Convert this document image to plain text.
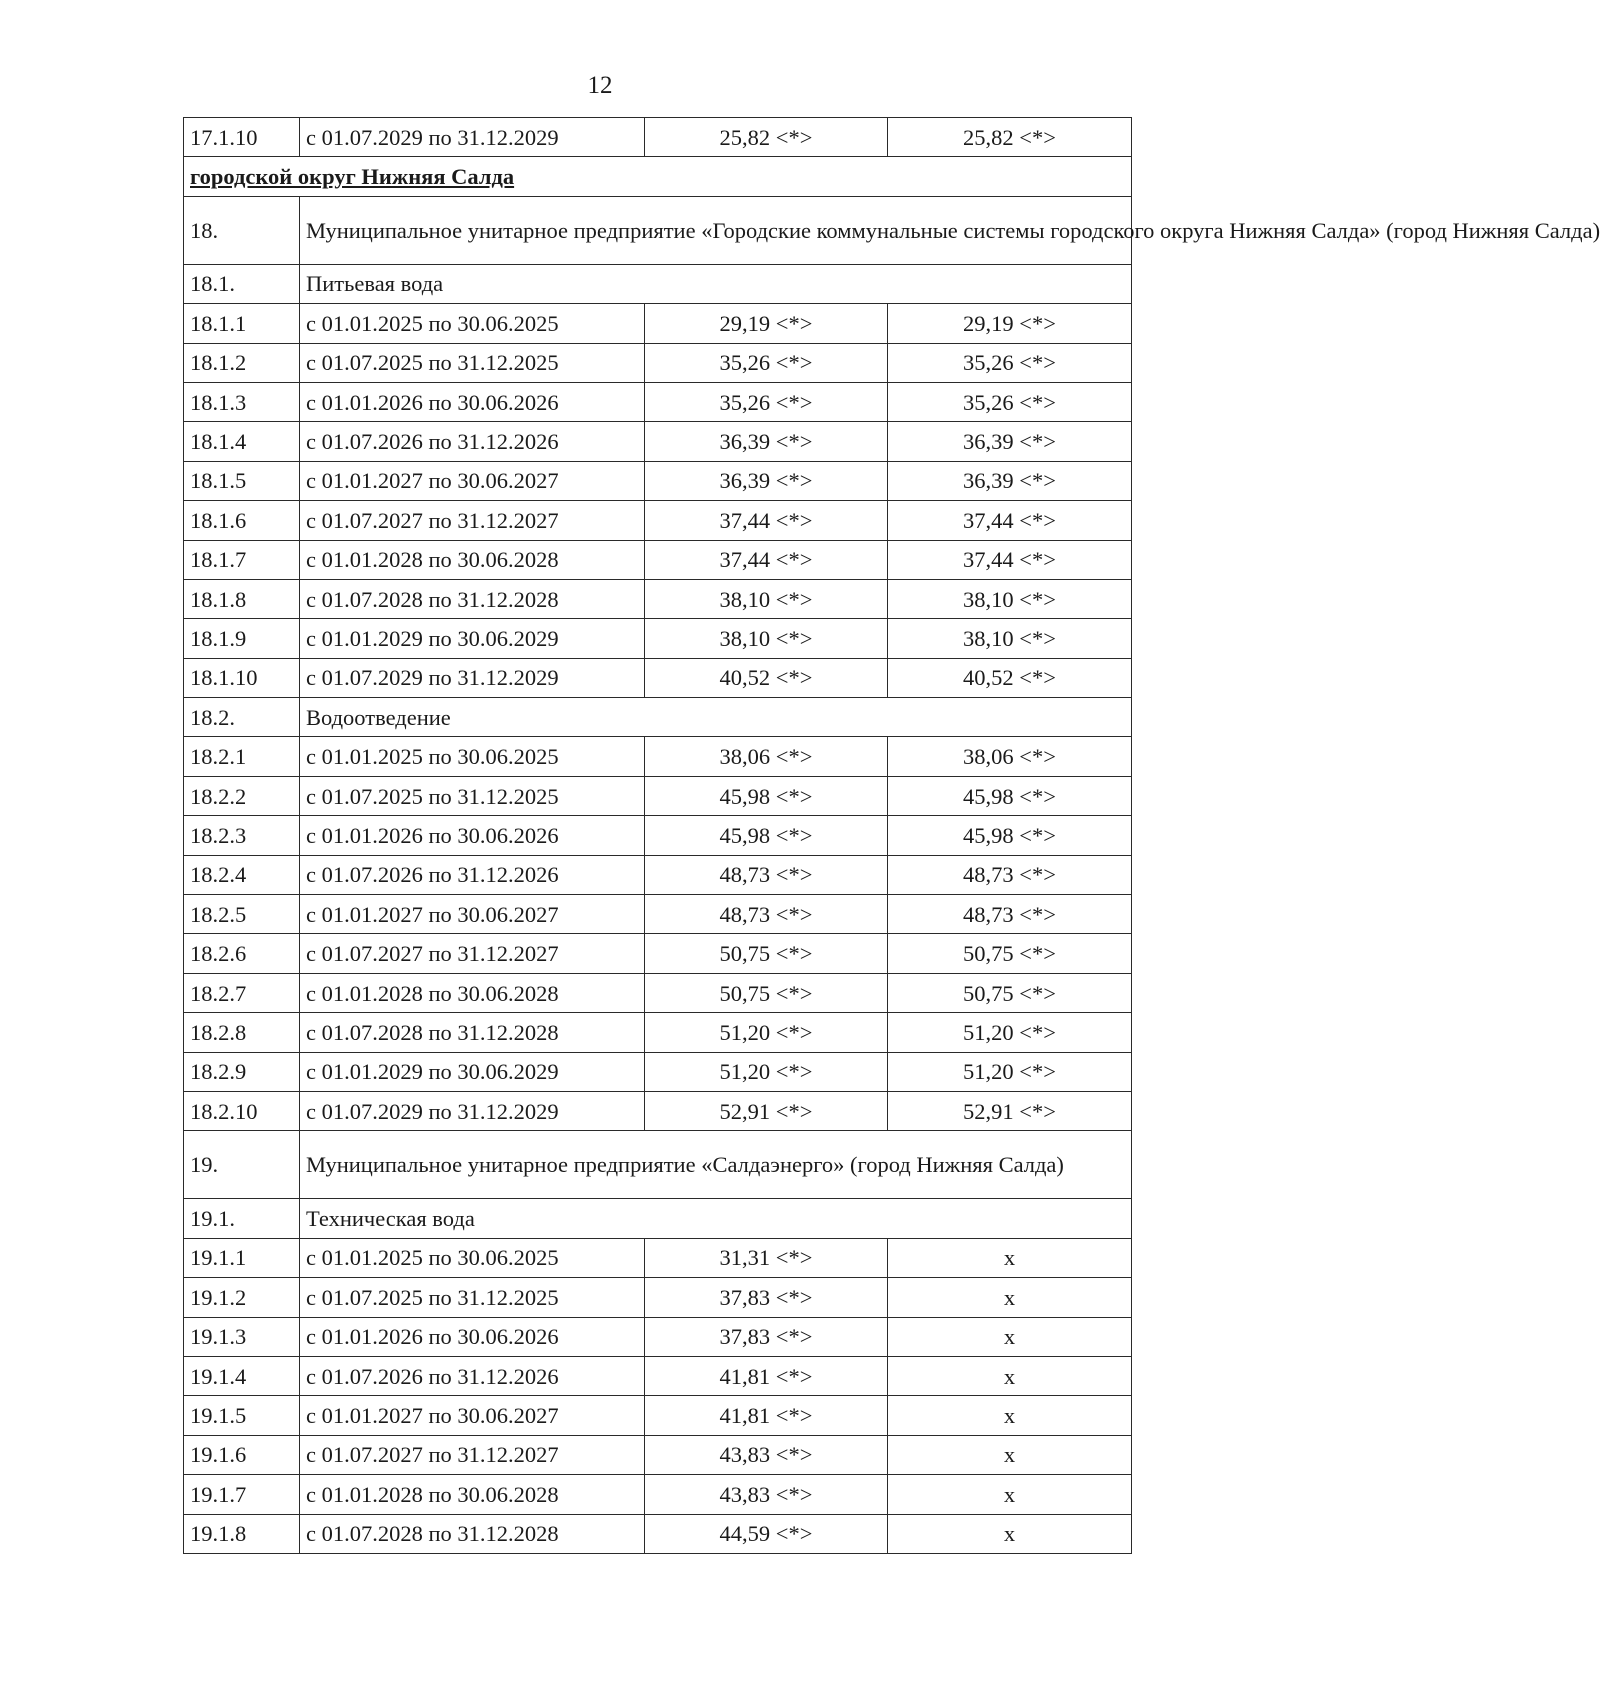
12
17.1.10	с 01.07.2029 по 31.12.2029	25,82 <*>	25,82 <*>
городской округ Нижняя Салда			
18.	Муниципальное унитарное предприятие «Городские коммунальные системы городского округа Нижняя Салда» (город Нижняя Салда)		
18.1.	Питьевая вода		
18.1.1	с 01.01.2025 по 30.06.2025	29,19 <*>	29,19 <*>
18.1.2	с 01.07.2025 по 31.12.2025	35,26 <*>	35,26 <*>
18.1.3	с 01.01.2026 по 30.06.2026	35,26 <*>	35,26 <*>
18.1.4	с 01.07.2026 по 31.12.2026	36,39 <*>	36,39 <*>
18.1.5	с 01.01.2027 по 30.06.2027	36,39 <*>	36,39 <*>
18.1.6	с 01.07.2027 по 31.12.2027	37,44 <*>	37,44 <*>
18.1.7	с 01.01.2028 по 30.06.2028	37,44 <*>	37,44 <*>
18.1.8	с 01.07.2028 по 31.12.2028	38,10 <*>	38,10 <*>
18.1.9	с 01.01.2029 по 30.06.2029	38,10 <*>	38,10 <*>
18.1.10	с 01.07.2029 по 31.12.2029	40,52 <*>	40,52 <*>
18.2.	Водоотведение		
18.2.1	с 01.01.2025 по 30.06.2025	38,06 <*>	38,06 <*>
18.2.2	с 01.07.2025 по 31.12.2025	45,98 <*>	45,98 <*>
18.2.3	с 01.01.2026 по 30.06.2026	45,98 <*>	45,98 <*>
18.2.4	с 01.07.2026 по 31.12.2026	48,73 <*>	48,73 <*>
18.2.5	с 01.01.2027 по 30.06.2027	48,73 <*>	48,73 <*>
18.2.6	с 01.07.2027 по 31.12.2027	50,75 <*>	50,75 <*>
18.2.7	с 01.01.2028 по 30.06.2028	50,75 <*>	50,75 <*>
18.2.8	с 01.07.2028 по 31.12.2028	51,20 <*>	51,20 <*>
18.2.9	с 01.01.2029 по 30.06.2029	51,20 <*>	51,20 <*>
18.2.10	с 01.07.2029 по 31.12.2029	52,91 <*>	52,91 <*>
19.	Муниципальное унитарное предприятие «Салдаэнерго» (город Нижняя Салда)		
19.1.	Техническая вода		
19.1.1	с 01.01.2025 по 30.06.2025	31,31 <*>	x
19.1.2	с 01.07.2025 по 31.12.2025	37,83 <*>	x
19.1.3	с 01.01.2026 по 30.06.2026	37,83 <*>	x
19.1.4	с 01.07.2026 по 31.12.2026	41,81 <*>	x
19.1.5	с 01.01.2027 по 30.06.2027	41,81 <*>	x
19.1.6	с 01.07.2027 по 31.12.2027	43,83 <*>	x
19.1.7	с 01.01.2028 по 30.06.2028	43,83 <*>	x
19.1.8	с 01.07.2028 по 31.12.2028	44,59 <*>	x
